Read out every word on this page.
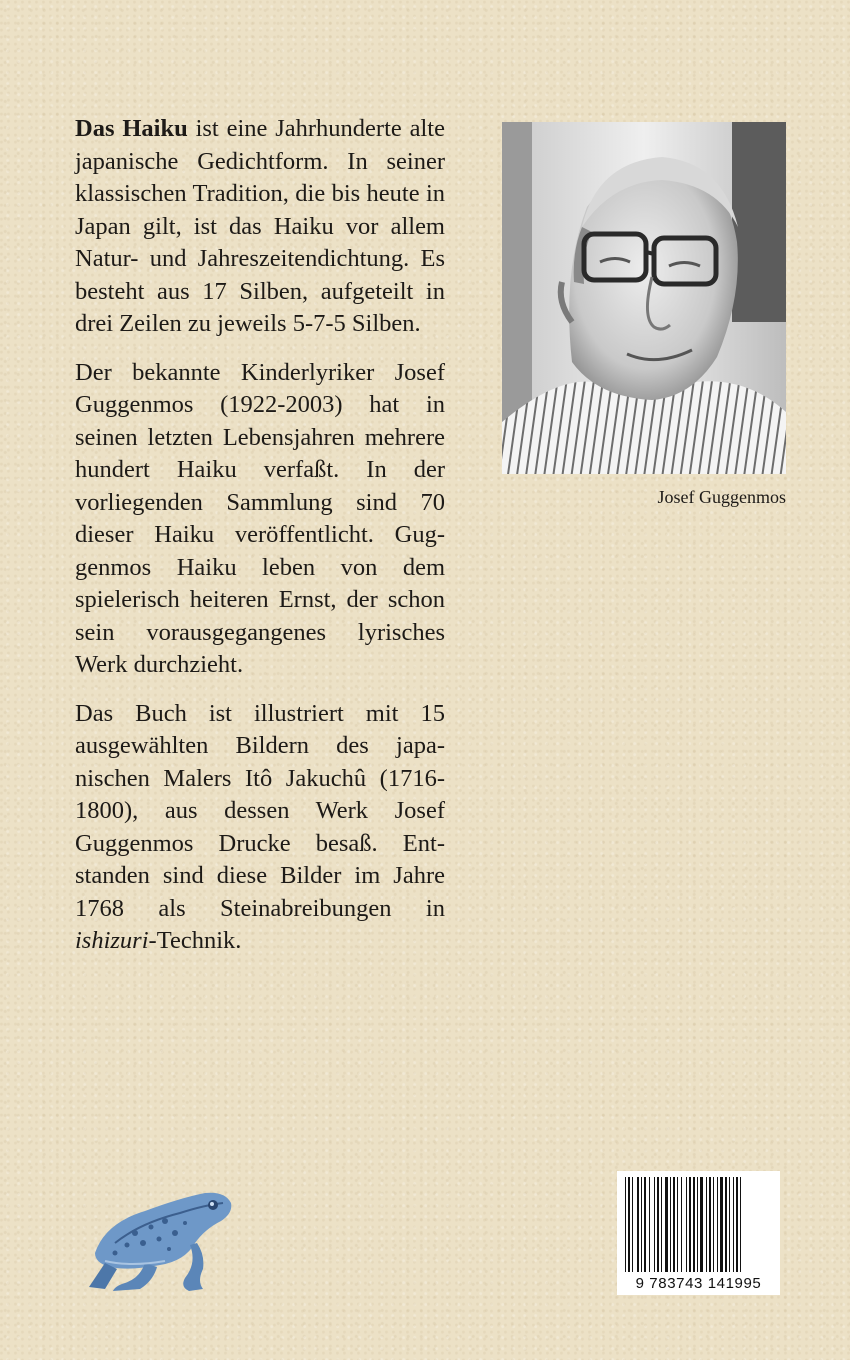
Das Haiku ist eine Jahrhunderte alte japanische Gedichtform. In seiner klassischen Tradition, die bis heute in Japan gilt, ist das Haiku vor allem Natur- und Jahreszeitendichtung. Es besteht aus 17 Silben, aufgeteilt in drei Zeilen zu jeweils 5-7-5 Silben.

Der bekannte Kinderlyriker Josef Guggenmos (1922-2003) hat in seinen letzten Lebensjahren mehrere hundert Haiku verfaßt. In der vorliegenden Sammlung sind 70 dieser Haiku veröffentlicht. Guggenmos Haiku leben von dem spielerisch heiteren Ernst, der schon sein vorausgegangenes lyrisches Werk durchzieht.

Das Buch ist illustriert mit 15 ausgewählten Bildern des japanischen Malers Itô Jakuchû (1716-1800), aus dessen Werk Josef Guggenmos Drucke besaß. Entstanden sind diese Bilder im Jahre 1768 als Steinabreibungen in ishizuri-Technik.

Josef Guggenmos
9 783743 141995
